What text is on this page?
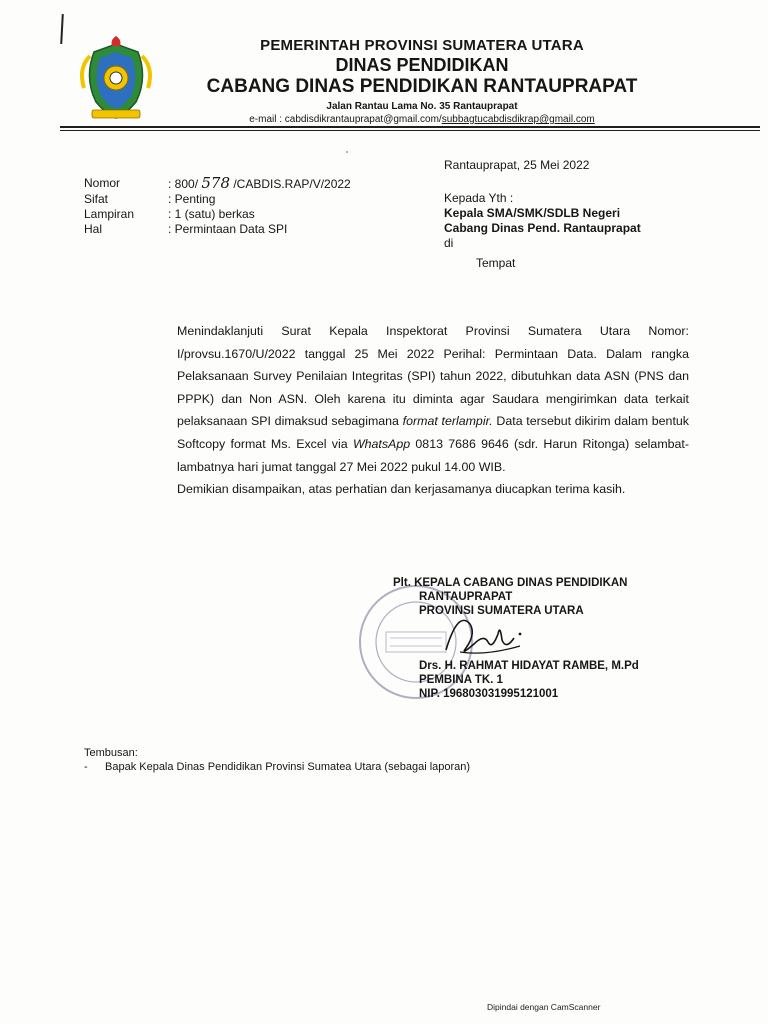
PEMERINTAH PROVINSI SUMATERA UTARA
DINAS PENDIDIKAN
CABANG DINAS PENDIDIKAN RANTAUPRAPAT
Jalan Rantau Lama No. 35 Rantauprapat
e-mail : cabdisdikrantauprapat@gmail.com/subbagtucabdisdikrap@gmail.com
Rantauprapat, 25 Mei 2022
Nomor	: 800/ 578 /CABDIS.RAP/V/2022
Sifat	: Penting
Lampiran	: 1 (satu) berkas
Hal	: Permintaan Data SPI
Kepada Yth :
Kepala SMA/SMK/SDLB Negeri
Cabang Dinas Pend. Rantauprapat
di
Tempat

Menindaklanjuti Surat Kepala Inspektorat Provinsi Sumatera Utara Nomor: I/provsu.1670/U/2022 tanggal 25 Mei 2022 Perihal: Permintaan Data. Dalam rangka Pelaksanaan Survey Penilaian Integritas (SPI) tahun 2022, dibutuhkan data ASN (PNS dan PPPK) dan Non ASN. Oleh karena itu diminta agar Saudara mengirimkan data terkait pelaksanaan SPI dimaksud sebagimana format terlampir. Data tersebut dikirim dalam bentuk Softcopy format Ms. Excel via WhatsApp 0813 7686 9646 (sdr. Harun Ritonga) selambat-lambatnya hari jumat tanggal 27 Mei 2022 pukul 14.00 WIB.

Demikian disampaikan, atas perhatian dan kerjasamanya diucapkan terima kasih.

Plt. KEPALA CABANG DINAS PENDIDIKAN
RANTAUPRAPAT
PROVINSI SUMATERA UTARA
Drs. H. RAHMAT HIDAYAT RAMBE, M.Pd
PEMBINA TK. 1
NIP. 196803031995121001
Tembusan:
-	Bapak Kepala Dinas Pendidikan Provinsi Sumatea Utara (sebagai laporan)
Dipindai dengan CamScanner
